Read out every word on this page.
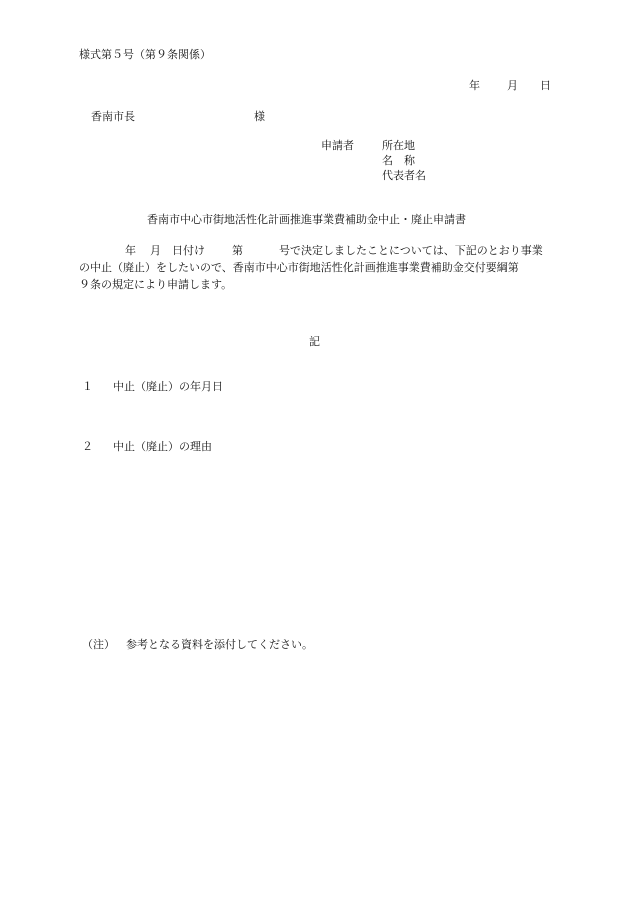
様式第５号（第９条関係）
年 月 日
香南市長	様
申請者	所在地
名　称
代表者名
香南市中心市街地活性化計画推進事業費補助金中止・廃止申請書
年 月 日付け 第	号で決定しましたことについては、下記のとおり事業
の中止（廃止）をしたいので、香南市中心市街地活性化計画推進事業費補助金交付要綱第
９条の規定により申請します。
記
１ 中止（廃止）の年月日
２ 中止（廃止）の理由
（注） 参考となる資料を添付してください。
